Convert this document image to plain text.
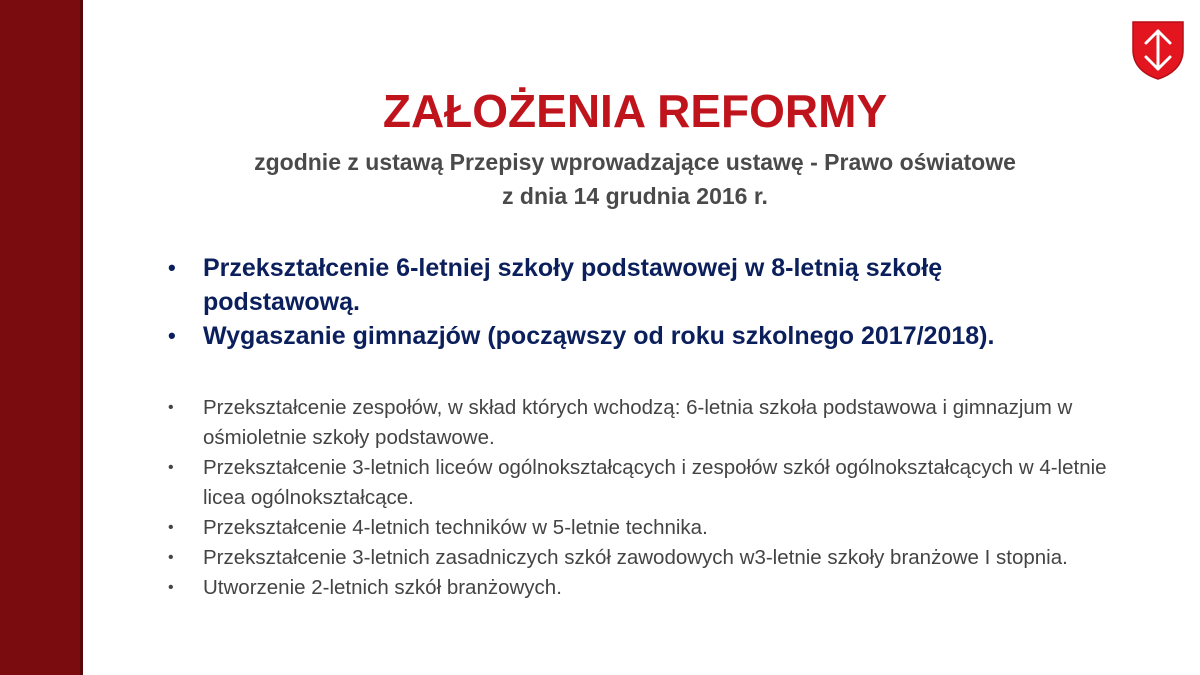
ZAŁOŻENIA REFORMY
zgodnie z ustawą Przepisy wprowadzające ustawę - Prawo oświatowe
z dnia 14 grudnia 2016 r.
• Przekształcenie 6-letniej szkoły podstawowej w 8-letnią szkołę podstawową.
• Wygaszanie gimnazjów (począwszy od roku szkolnego 2017/2018).
• Przekształcenie zespołów, w skład których wchodzą: 6-letnia szkoła podstawowa i gimnazjum w ośmioletnie szkoły podstawowe.
• Przekształcenie 3-letnich liceów ogólnokształcących i zespołów szkół ogólnokształcących w 4-letnie licea ogólnokształcące.
• Przekształcenie 4-letnich techników w 5-letnie technika.
• Przekształcenie 3-letnich zasadniczych szkół zawodowych w3-letnie szkoły branżowe I stopnia.
• Utworzenie 2-letnich szkół branżowych.
